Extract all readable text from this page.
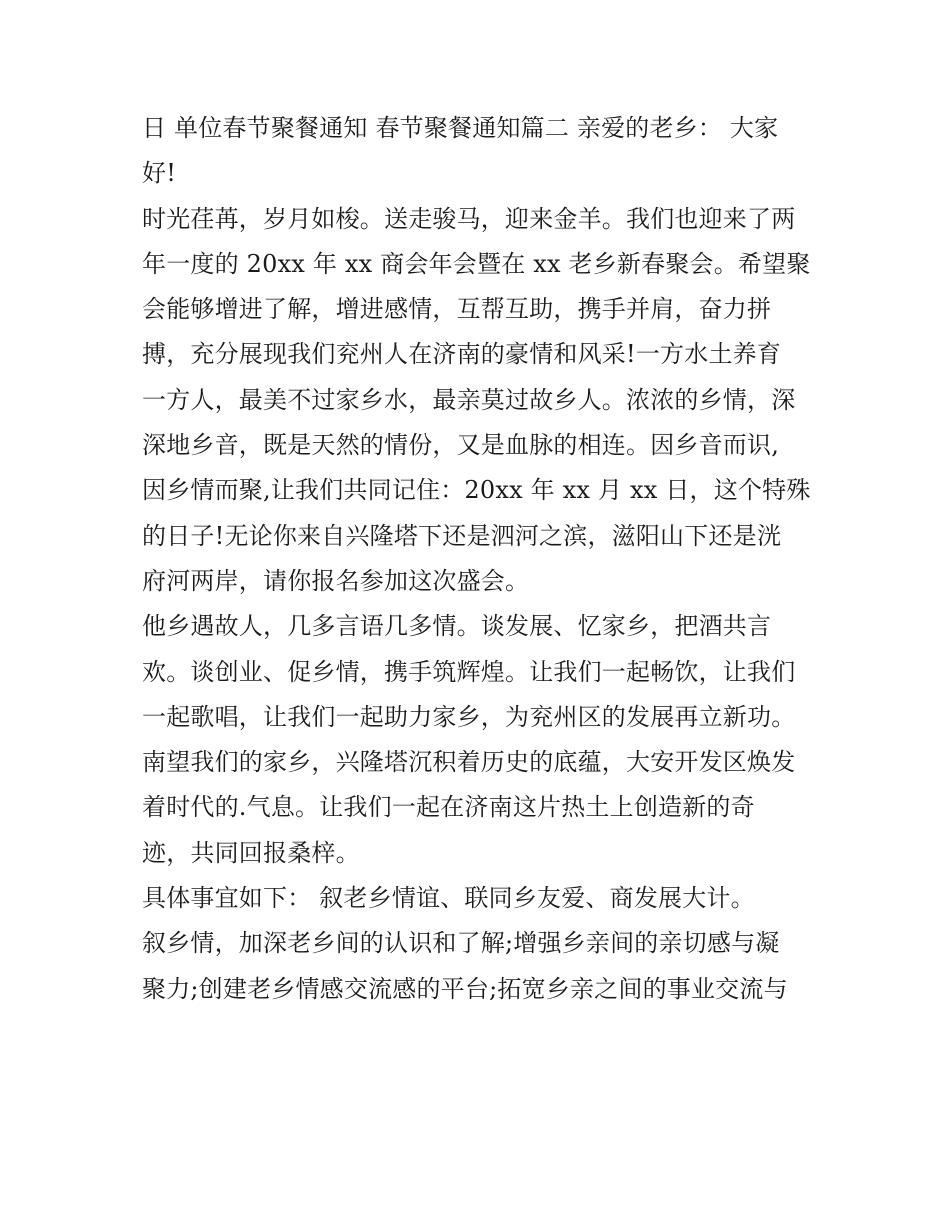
日 单位春节聚餐通知 春节聚餐通知篇二 亲爱的老乡： 大家
好!
时光荏苒，岁月如梭。送走骏马，迎来金羊。我们也迎来了两
年一度的 20xx 年 xx 商会年会暨在 xx 老乡新春聚会。希望聚
会能够增进了解，增进感情，互帮互助，携手并肩，奋力拼
搏，充分展现我们兖州人在济南的豪情和风采!一方水土养育
一方人，最美不过家乡水，最亲莫过故乡人。浓浓的乡情，深
深地乡音，既是天然的情份，又是血脉的相连。因乡音而识,
因乡情而聚,让我们共同记住：20xx 年 xx 月 xx 日，这个特殊
的日子!无论你来自兴隆塔下还是泗河之滨，滋阳山下还是洸
府河两岸，请你报名参加这次盛会。
他乡遇故人，几多言语几多情。谈发展、忆家乡，把酒共言
欢。谈创业、促乡情，携手筑辉煌。让我们一起畅饮，让我们
一起歌唱，让我们一起助力家乡，为兖州区的发展再立新功。
南望我们的家乡，兴隆塔沉积着历史的底蕴，大安开发区焕发
着时代的.气息。让我们一起在济南这片热土上创造新的奇
迹，共同回报桑梓。
具体事宜如下： 叙老乡情谊、联同乡友爱、商发展大计。
叙乡情，加深老乡间的认识和了解;增强乡亲间的亲切感与凝
聚力;创建老乡情感交流感的平台;拓宽乡亲之间的事业交流与
